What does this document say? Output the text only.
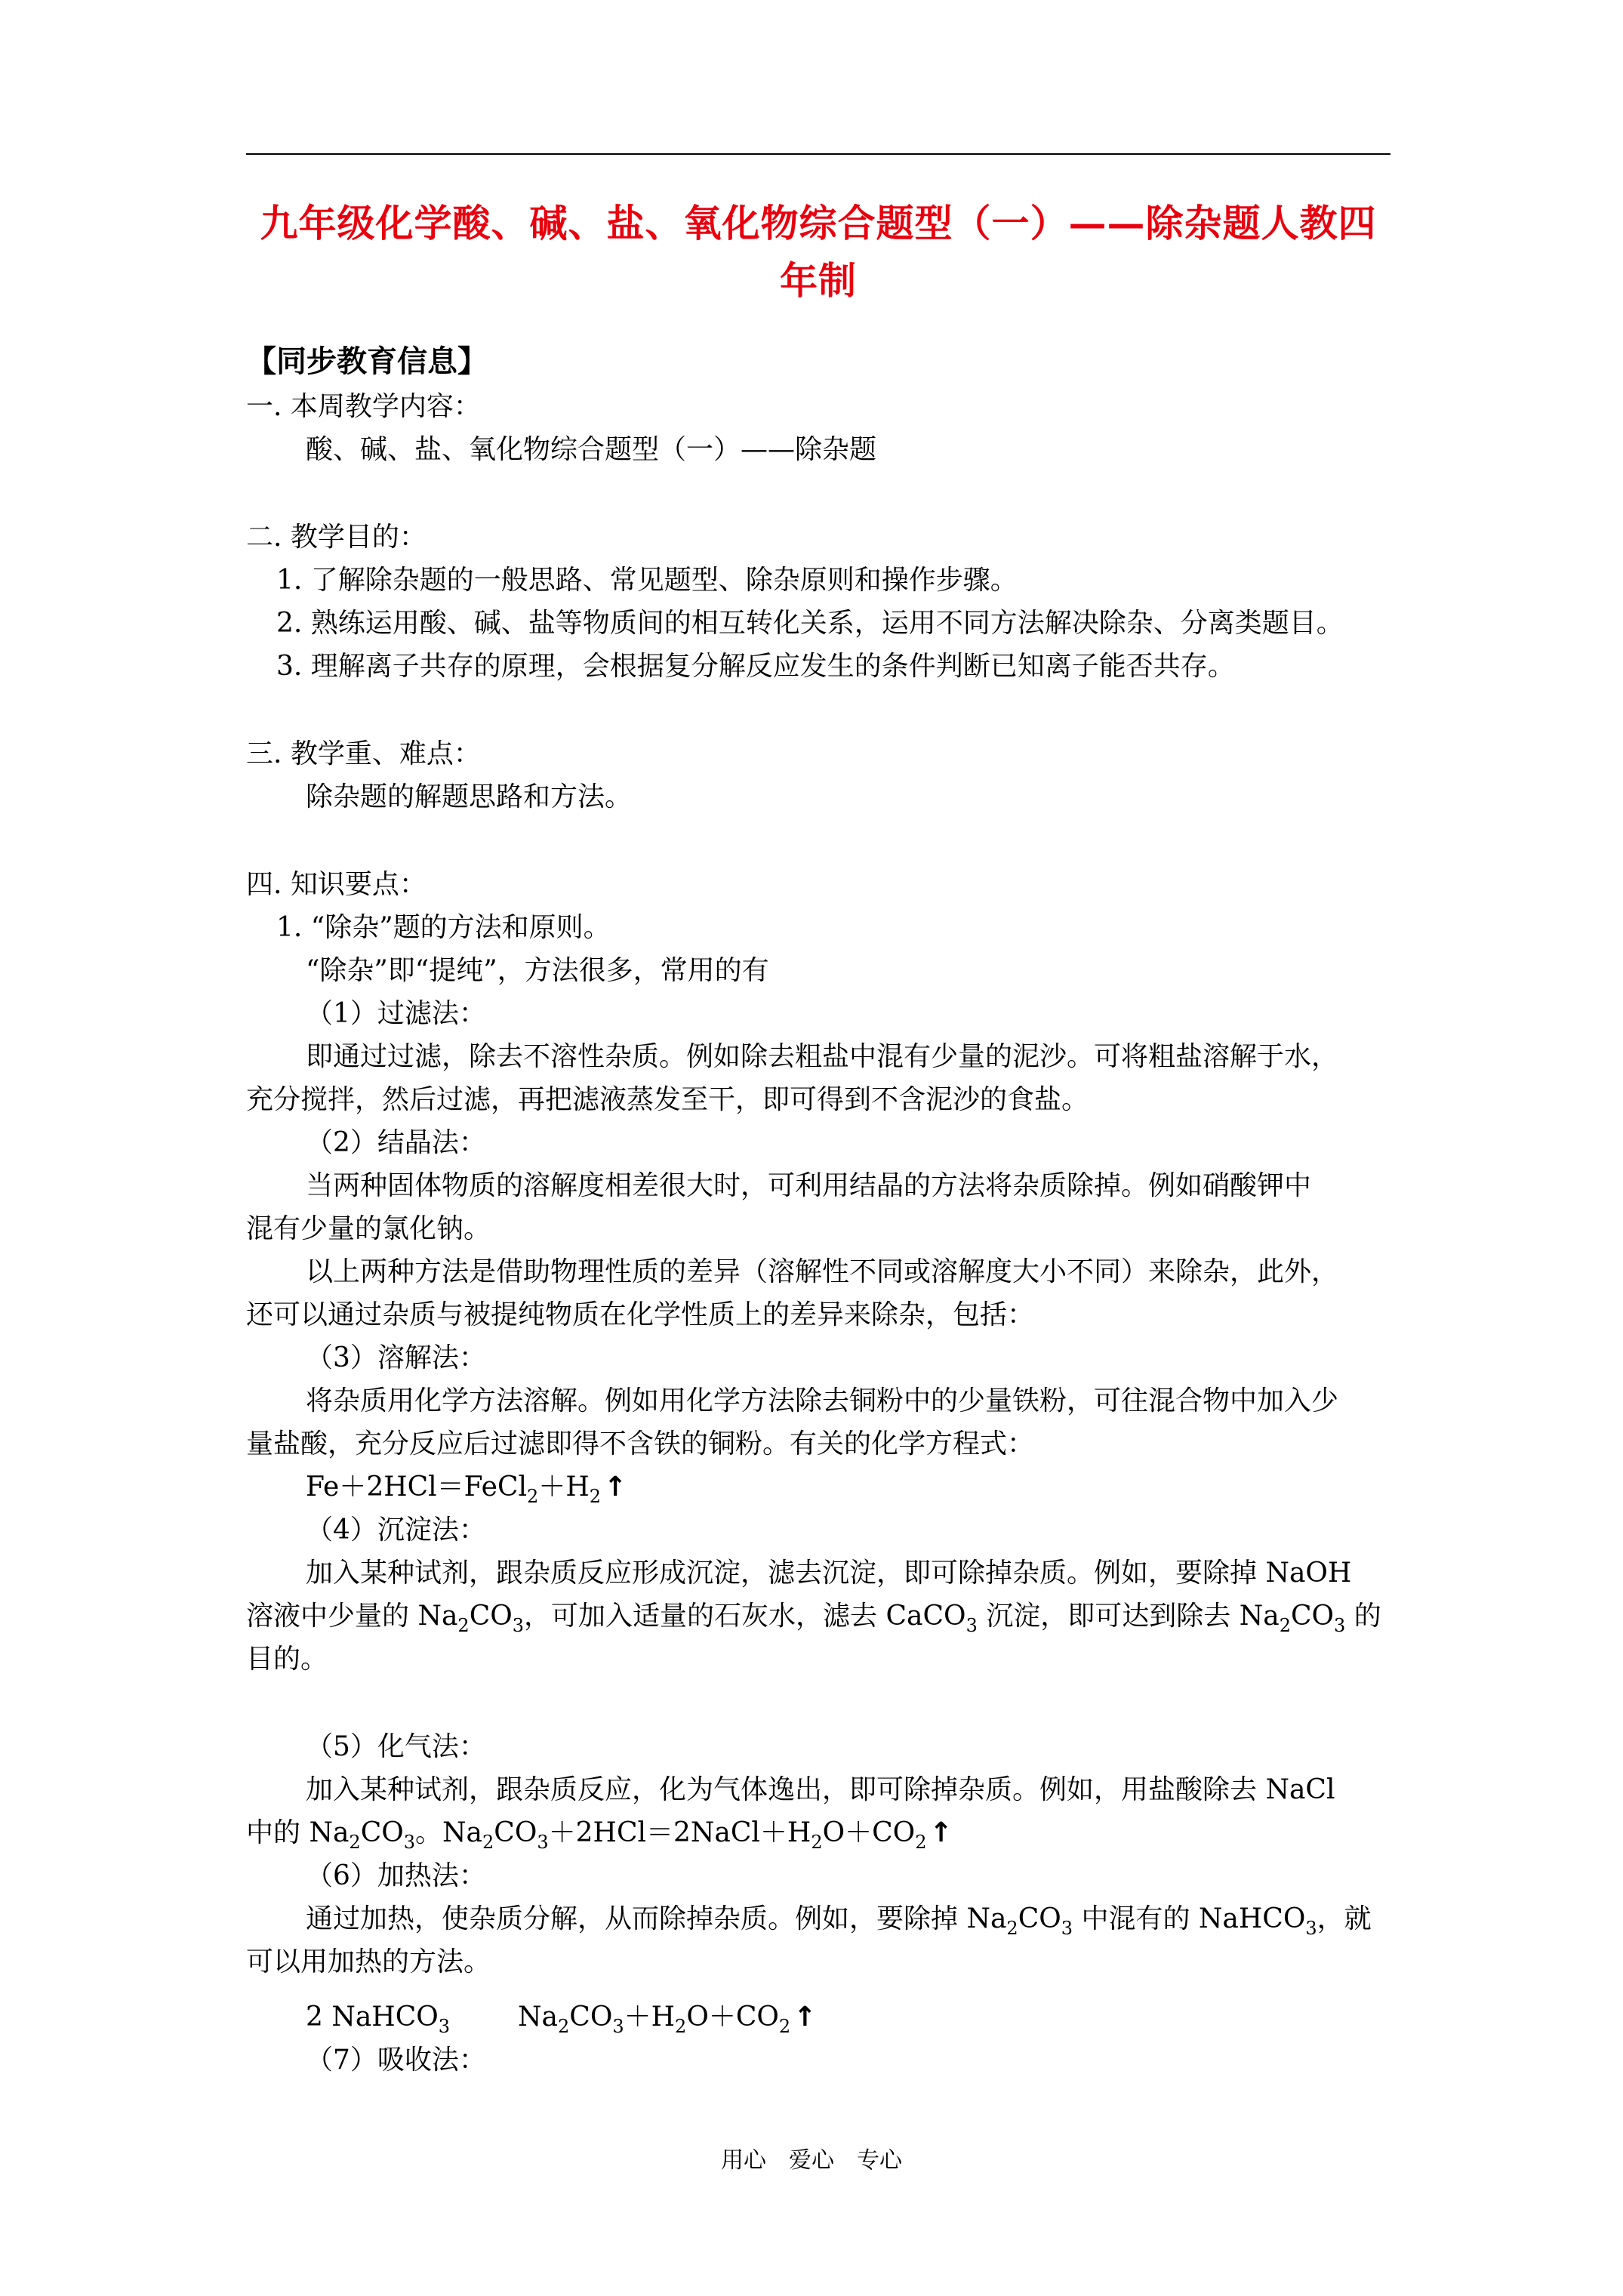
九年级化学酸、碱、盐、氧化物综合题型（一）——除杂题人教四年制
【同步教育信息】
一. 本周教学内容：
酸、碱、盐、氧化物综合题型（一）——除杂题
二. 教学目的：
1. 了解除杂题的一般思路、常见题型、除杂原则和操作步骤。
2. 熟练运用酸、碱、盐等物质间的相互转化关系，运用不同方法解决除杂、分离类题目。
3. 理解离子共存的原理，会根据复分解反应发生的条件判断已知离子能否共存。
三. 教学重、难点：
除杂题的解题思路和方法。
四. 知识要点：
1. “除杂”题的方法和原则。
“除杂”即“提纯”，方法很多，常用的有
（1）过滤法：
即通过过滤，除去不溶性杂质。例如除去粗盐中混有少量的泥沙。可将粗盐溶解于水，
充分搅拌，然后过滤，再把滤液蒸发至干，即可得到不含泥沙的食盐。
（2）结晶法：
当两种固体物质的溶解度相差很大时，可利用结晶的方法将杂质除掉。例如硝酸钾中
混有少量的氯化钠。
以上两种方法是借助物理性质的差异（溶解性不同或溶解度大小不同）来除杂，此外，
还可以通过杂质与被提纯物质在化学性质上的差异来除杂，包括：
（3）溶解法：
将杂质用化学方法溶解。例如用化学方法除去铜粉中的少量铁粉，可往混合物中加入少
量盐酸，充分反应后过滤即得不含铁的铜粉。有关的化学方程式：
$Fe+2HCl=FeCl_2+H_2$ ↑
（4）沉淀法：
加入某种试剂，跟杂质反应形成沉淀，滤去沉淀，即可除掉杂质。例如，要除掉 NaOH
溶液中少量的 $Na_2CO_3$，可加入适量的石灰水，滤去 CaCO$_3$ 沉淀，即可达到除去 $Na_2CO_3$ 的
目的。
（5）化气法：
加入某种试剂，跟杂质反应，化为气体逸出，即可除掉杂质。例如，用盐酸除去 NaCl
中的 $Na_2CO_3$。$Na_2CO_3+2HCl=2NaCl+H_2O+CO_2$ ↑
（6）加热法：
通过加热，使杂质分解，从而除掉杂质。例如，要除掉 $Na_2CO_3$ 中混有的 NaHCO$_3$，就
可以用加热的方法。
2 NaHCO$_3$	$Na_2CO_3+H_2O+CO_2$ ↑
（7）吸收法：
用心　爱心　专心
